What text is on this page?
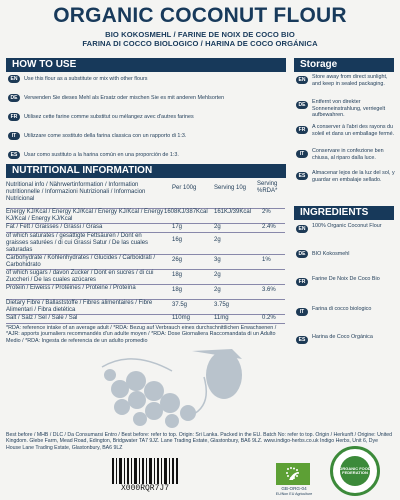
ORGANIC COCONUT FLOUR
BIO KOKOSMEHL / FARINE DE NOIX DE COCO BIO
FARINA DI COCCO BIOLOGICO / HARINA DE COCO ORGÁNICA
HOW TO USE
EN	Use this flour as a substitute or mix with other flours
DE	Verwenden Sie dieses Mehl als Ersatz oder mischen Sie es mit anderen Mehlsorten
FR	Utilisez cette farine comme substitut ou mélangez avec d'autres farines
IT	Utilizzare come sostituto della farina classica con un rapporto di 1:3.
ES	Usar como sustituto a la harina común en una proporción de 1:3.
Storage
EN	Store away from direct sunlight, and keep in sealed packaging.
DE	Entfernt von direkter Sonneneinstrahlung, verriegelt aufbewahren.
FR	A conserver à l'abri des rayons du soleil et dans un emballage fermé.
IT	Conservare in confezione ben chiusa, al riparo dalla luce.
ES	Almacenar lejos de la luz del sol, y guardar en embalaje sellado.
NUTRITIONAL INFORMATION
Nutritional info / Nährwertinformation / Information nutritionnelle / Informazioni Nutrizionali / Informacion Nutricional
Per 100g	Serving 10g
Serving %RDA*
Energy KJ/Kcal / Energy KJ/Kcal / Energy KJ/Kcal / Energy KJ/Kcal / Energy KJ/Kcal
1608KJ/387Kcal 161KJ/39Kcal 2%
Fat / Fett / Graisses / Grassi / Grasa	17g	2g	2.4%
of which saturates / gesättigte Fettsäuren / Dont en graisses saturées / di cui Grassi Satur / De las cuales saturadas
16g	2g
Carbohydrate / Kohlenhydrates / Glucides / Carboidrati / Carbohidrato
26g	3g	1%
of which sugars / davon Zucker / Dont en sucres / di cui Zuccheri / De las cuales azúcares
18g	2g
Protein / Eiweiss / Protéines / Proteine / Proteína	18g	2g	3.6%
Dietary Fibre / Ballaststoffe / Fibres alimentaires / Fibre Alimentari / Fibra dietética
37.5g	3.75g
Salt / Salz / Sel / Sale / Sal	110mg	11mg	0.2%
*RDA: reference intake of an average adult / *RDA: Bezug auf Verbrauch eines durchschnittlichen Erwachsenen / *AJR: apports journaliers recommandés d'un adulte moyen / *RDA: Dose Giornaliera Raccomandata di un Adulto Medio / *RDA: Ingesta de referencia de un adulto promedio
INGREDIENTS
EN	100% Organic Coconut Flour
DE	BIO Kokosmehl
FR	Farine De Noix De Coco Bio
IT	Farina di cocco biologico
ES	Harina de Coco Orgánica
Best before / MHB / DLC / Da Consumarsi Entro / Best before: refer to top. Origin: Sri Lanka. Packed in the EU. Batch No: refer to top. Origin / Herkunft / Origine: United Kingdom. Glebe Farm, Mead Road, Edington, Bridgwater TA7 9JZ. Lane Trading Estate, Glastonbury, BA6 9LZ. www.indigo-herbs.co.uk Indigo Herbs, Unit 6, Dye House Lane Trading Estate, Glastonbury, BA6 9LZ
X000RQR7J7	GB-ORG-04
EU/Non EU Agriculture
ORGANIC FOOD FEDERATION
